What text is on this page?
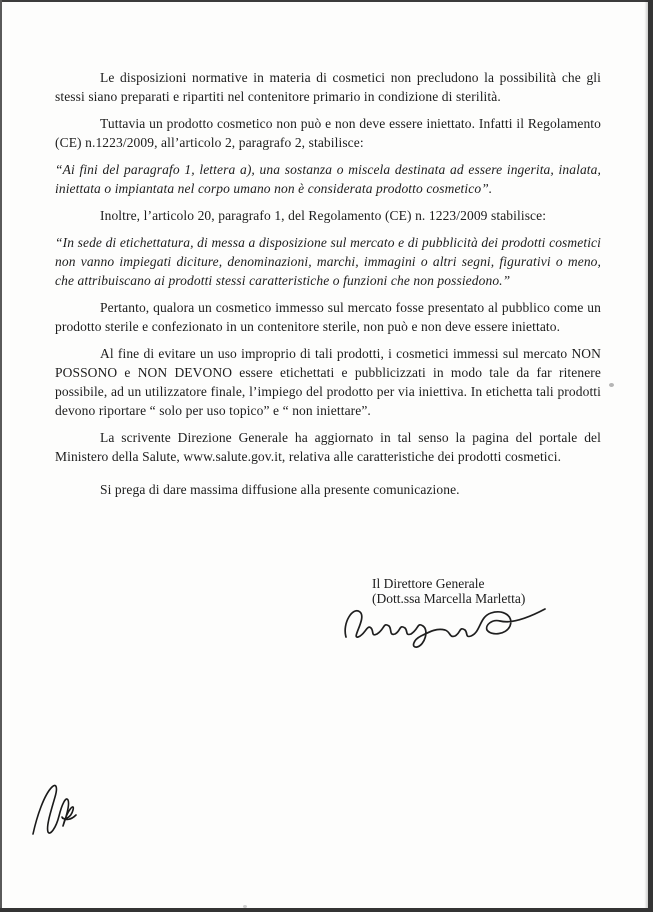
Le disposizioni normative in materia di cosmetici non precludono la possibilità che gli stessi siano preparati e ripartiti nel contenitore primario in condizione di sterilità.

Tuttavia un prodotto cosmetico non può e non deve essere iniettato. Infatti il Regolamento (CE) n.1223/2009, all’articolo 2, paragrafo 2, stabilisce:

“Ai fini del paragrafo 1, lettera a), una sostanza o miscela destinata ad essere ingerita, inalata, iniettata o impiantata nel corpo umano non è considerata prodotto cosmetico”.

Inoltre, l’articolo 20, paragrafo 1, del Regolamento (CE) n. 1223/2009 stabilisce:

“In sede di etichettatura, di messa a disposizione sul mercato e di pubblicità dei prodotti cosmetici non vanno impiegati diciture, denominazioni, marchi, immagini o altri segni, figurativi o meno, che attribuiscano ai prodotti stessi caratteristiche o funzioni che non possiedono.”

Pertanto, qualora un cosmetico immesso sul mercato fosse presentato al pubblico come un prodotto sterile e confezionato in un contenitore sterile, non può e non deve essere iniettato.

Al fine di evitare un uso improprio di tali prodotti, i cosmetici immessi sul mercato NON POSSONO e NON DEVONO essere etichettati e pubblicizzati in modo tale da far ritenere possibile, ad un utilizzatore finale, l’impiego del prodotto per via iniettiva. In etichetta tali prodotti devono riportare “ solo per uso topico” e “ non iniettare”.

La scrivente Direzione Generale ha aggiornato in tal senso la pagina del portale del Ministero della Salute, www.salute.gov.it, relativa alle caratteristiche dei prodotti cosmetici.

Si prega di dare massima diffusione alla presente comunicazione.

Il Direttore Generale
(Dott.ssa Marcella Marletta)
